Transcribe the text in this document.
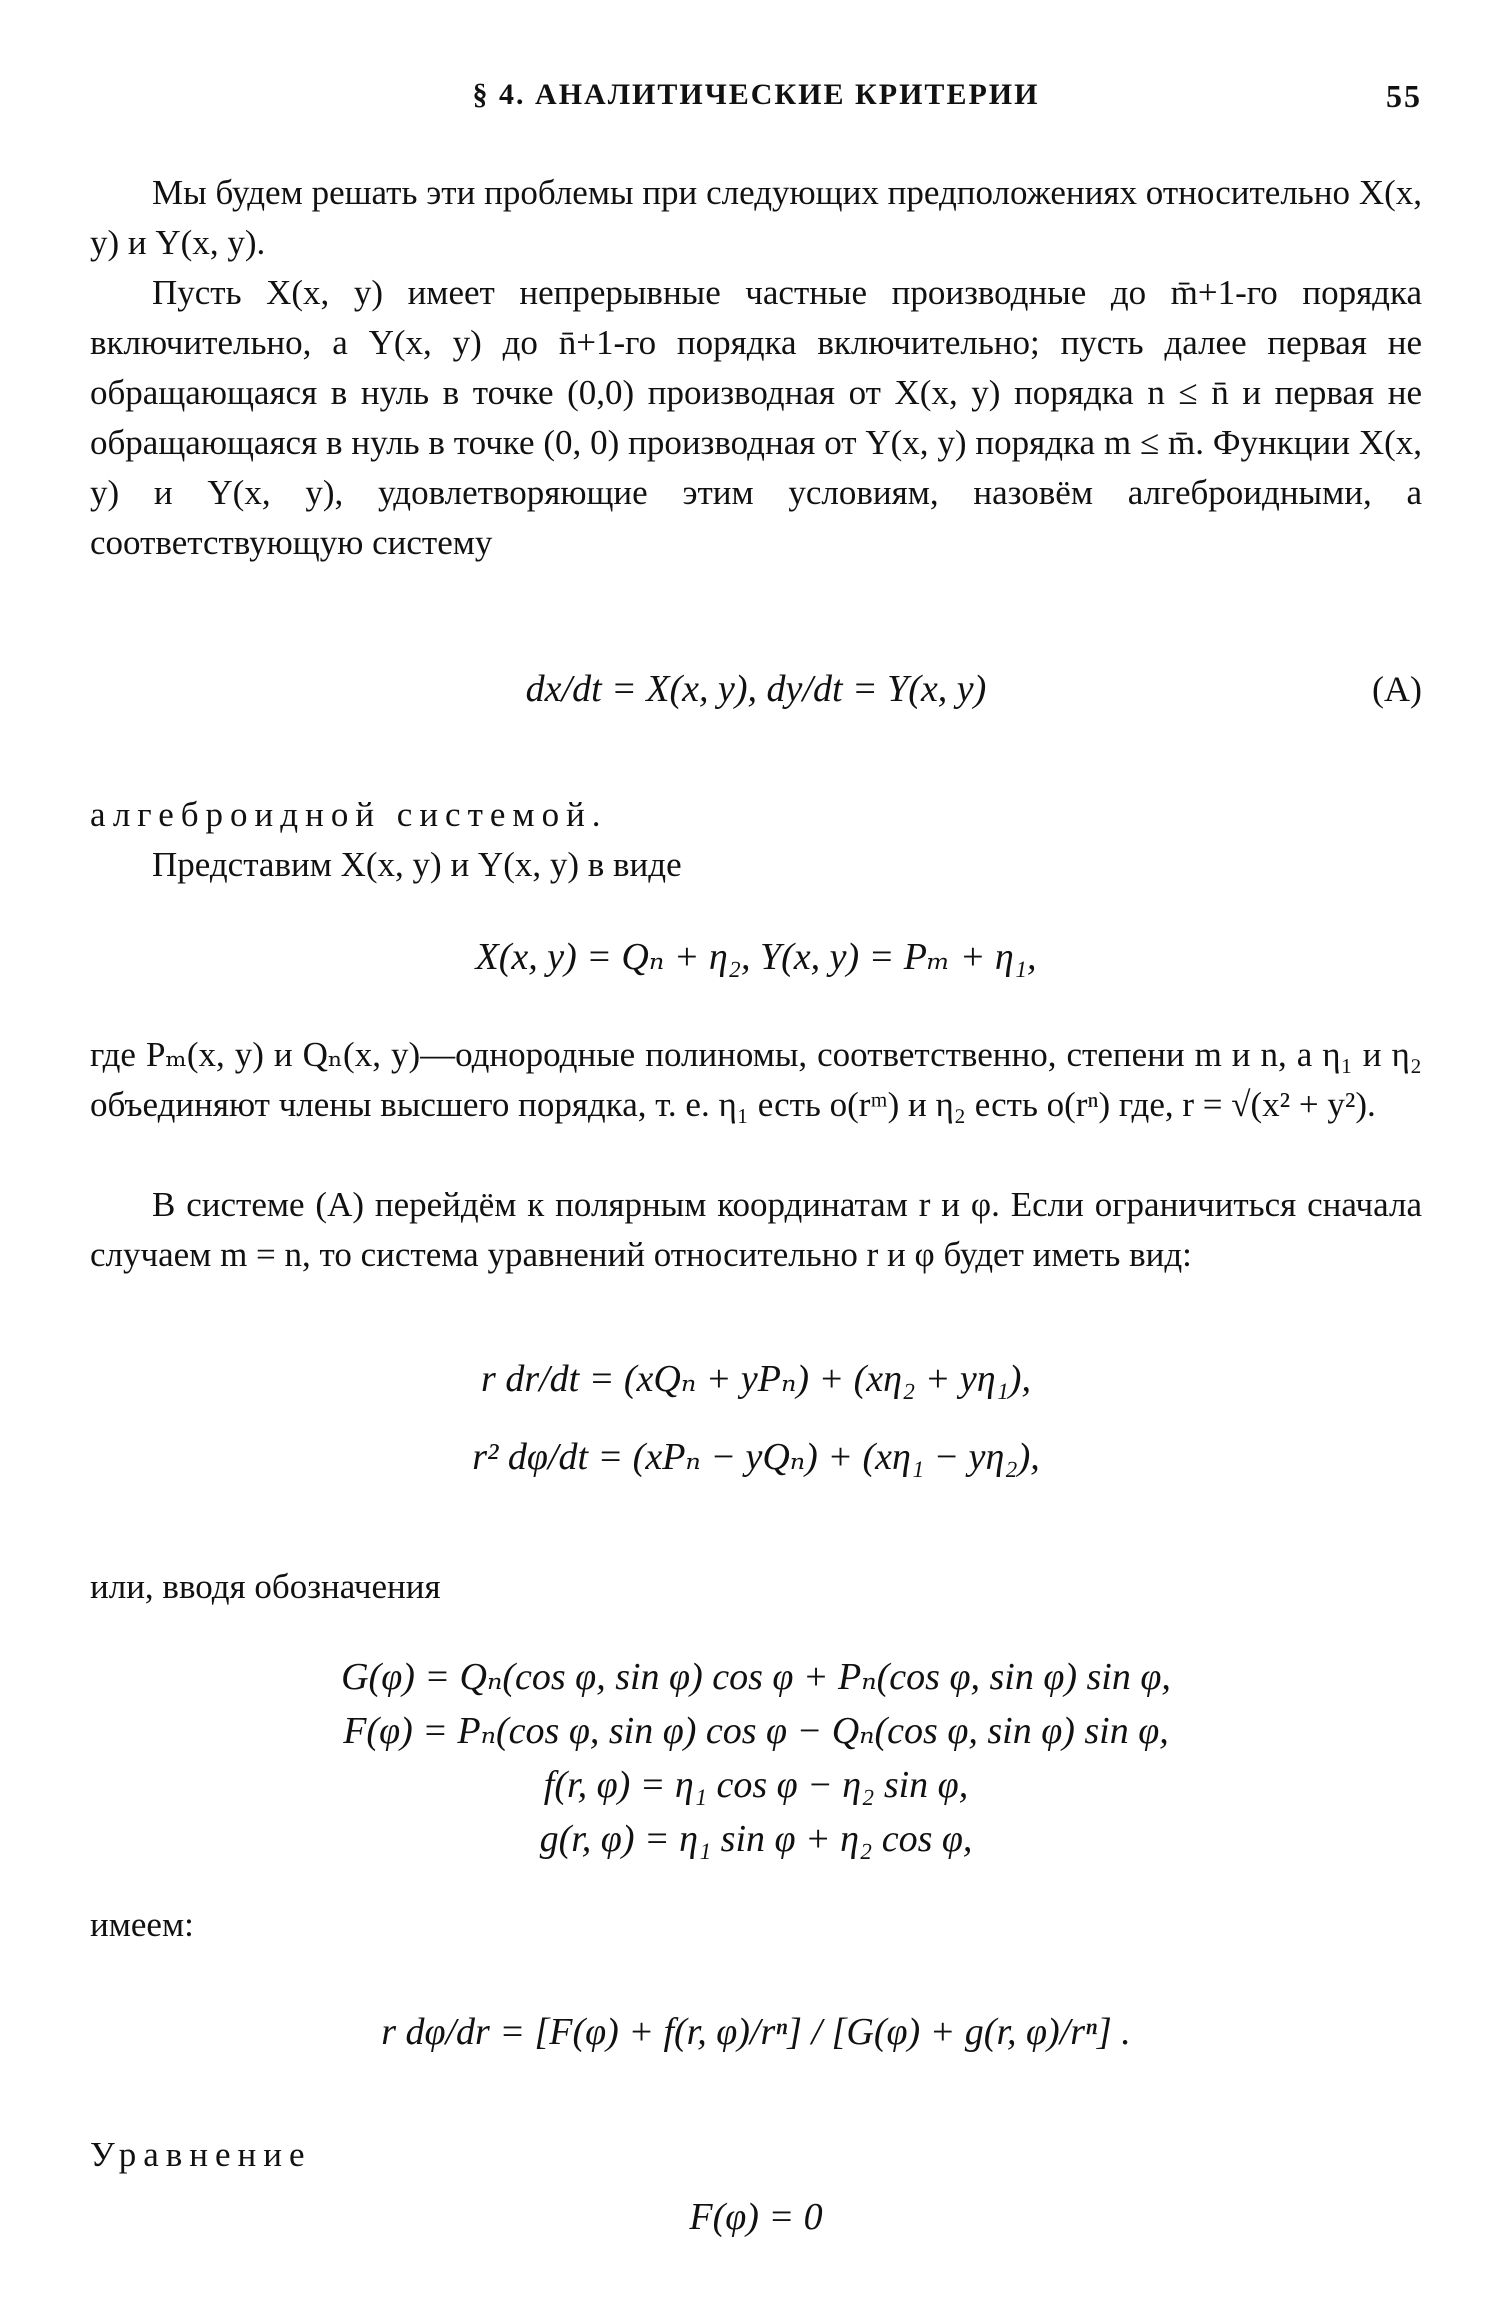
§ 4. АНАЛИТИЧЕСКИЕ КРИТЕРИИ	55

Мы будем решать эти проблемы при следующих предположениях относительно X(x, y) и Y(x, y).

Пусть X(x, y) имеет непрерывные частные производные до m̄+1-го порядка включительно, а Y(x, y) до n̄+1-го порядка включительно; пусть далее первая не обращающаяся в нуль в точке (0,0) производная от X(x, y) порядка n ≤ n̄ и первая не обращающаяся в нуль в точке (0, 0) производная от Y(x, y) порядка m ≤ m̄. Функции X(x, y) и Y(x, y), удовлетворяющие этим условиям, назовём алгеброидными, а соответствующую систему

dx/dt = X(x, y), dy/dt = Y(x, y)	(A)

алгеброидной системой.

Представим X(x, y) и Y(x, y) в виде

X(x, y) = Qₙ + η₂, Y(x, y) = Pₘ + η₁,

где Pₘ(x, y) и Qₙ(x, y)—однородные полиномы, соответственно, степени m и n, а η₁ и η₂ объединяют члены высшего порядка, т. е. η₁ есть o(rᵐ) и η₂ есть o(rⁿ) где, r = √(x² + y²).

В системе (A) перейдём к полярным координатам r и φ. Если ограничиться сначала случаем m = n, то система уравнений относительно r и φ будет иметь вид:

r dr/dt = (xQₙ + yPₙ) + (xη₂ + yη₁),
r² dφ/dt = (xPₙ − yQₙ) + (xη₁ − yη₂),

или, вводя обозначения

G(φ) = Qₙ(cos φ, sin φ) cos φ + Pₙ(cos φ, sin φ) sin φ,
F(φ) = Pₙ(cos φ, sin φ) cos φ − Qₙ(cos φ, sin φ) sin φ,
f(r, φ) = η₁ cos φ − η₂ sin φ,
g(r, φ) = η₁ sin φ + η₂ cos φ,

имеем:

r dφ/dr = [F(φ) + f(r, φ)/rⁿ] / [G(φ) + g(r, φ)/rⁿ] .

Уравнение

F(φ) = 0
